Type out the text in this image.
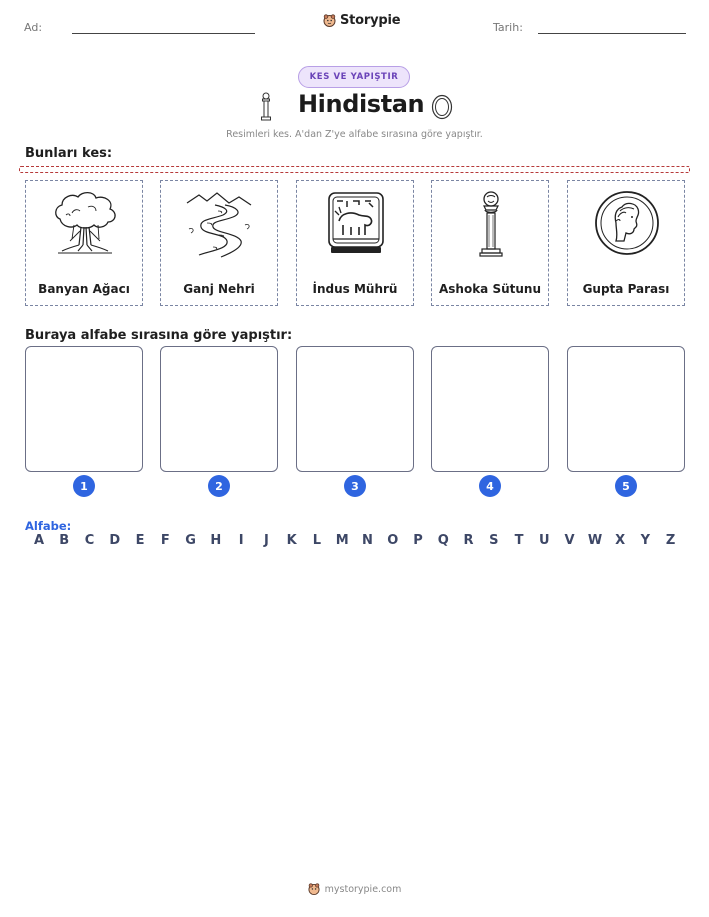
Ad:	Storypie	Tarih:
KES VE YAPIŞTIR
Hindistan
Resimleri kes. A'dan Z'ye alfabe sırasına göre yapıştır.
Bunları kes:
Banyan Ağacı	Ganj Nehri	İndus Mührü	Ashoka Sütunu	Gupta Parası
Buraya alfabe sırasına göre yapıştır:
1	2	3	4	5
Alfabe:
A B C D E F G H	I	J	K L M N O P Q R S T U V W X Y Z
mystorypie.com
